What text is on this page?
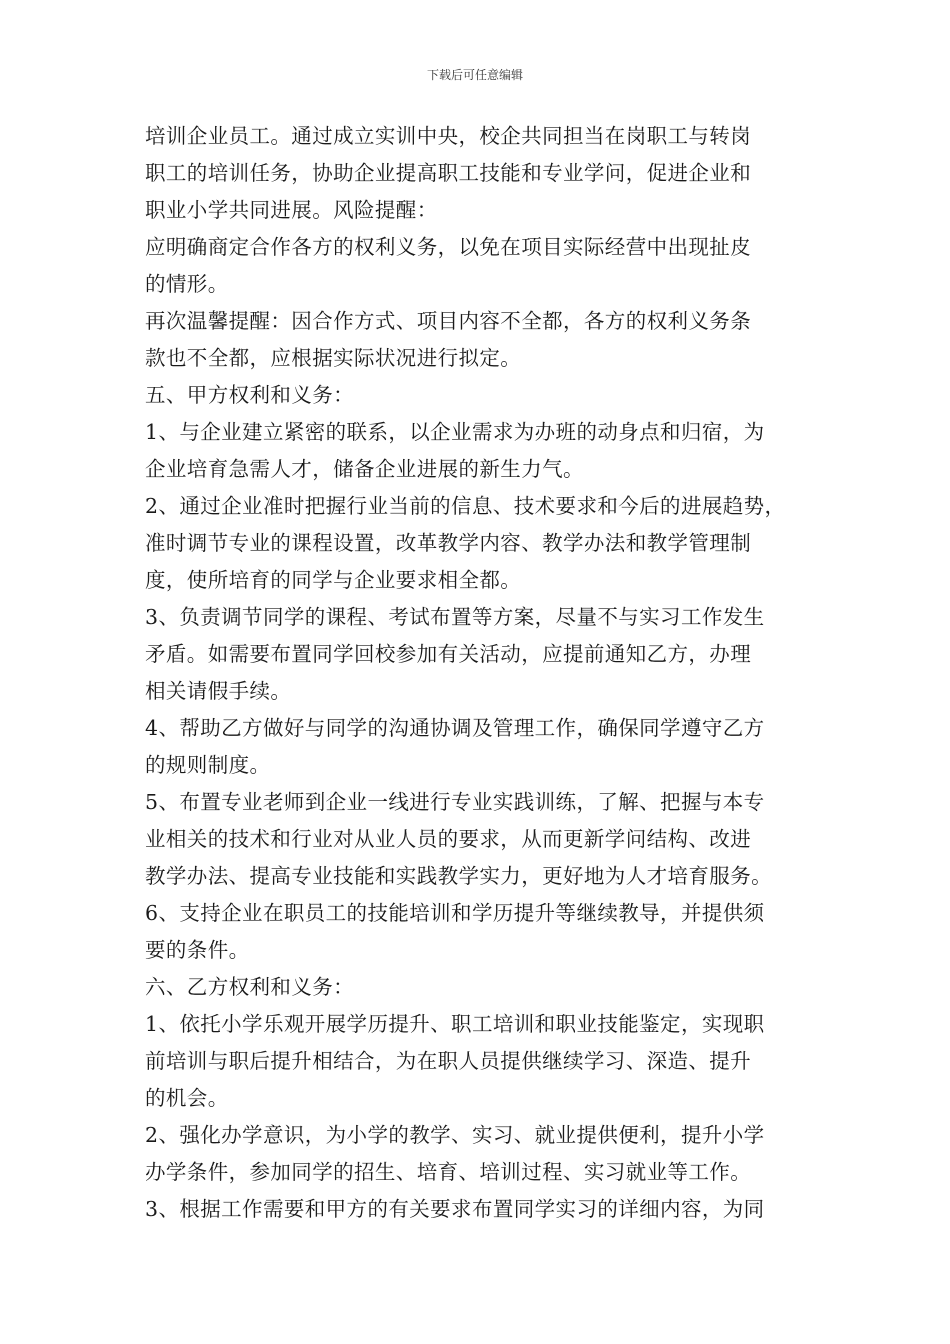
下载后可任意编辑
培训企业员工。通过成立实训中央，校企共同担当在岗职工与转岗
职工的培训任务，协助企业提高职工技能和专业学问，促进企业和
职业小学共同进展。风险提醒：
应明确商定合作各方的权利义务，以免在项目实际经营中出现扯皮
的情形。
再次温馨提醒：因合作方式、项目内容不全都，各方的权利义务条
款也不全都，应根据实际状况进行拟定。
五、甲方权利和义务：
1、与企业建立紧密的联系，以企业需求为办班的动身点和归宿，为
企业培育急需人才，储备企业进展的新生力气。
2、通过企业准时把握行业当前的信息、技术要求和今后的进展趋势，
准时调节专业的课程设置，改革教学内容、教学办法和教学管理制
度，使所培育的同学与企业要求相全都。
3、负责调节同学的课程、考试布置等方案，尽量不与实习工作发生
矛盾。如需要布置同学回校参加有关活动，应提前通知乙方，办理
相关请假手续。
4、帮助乙方做好与同学的沟通协调及管理工作，确保同学遵守乙方
的规则制度。
5、布置专业老师到企业一线进行专业实践训练，了解、把握与本专
业相关的技术和行业对从业人员的要求，从而更新学问结构、改进
教学办法、提高专业技能和实践教学实力，更好地为人才培育服务。
6、支持企业在职员工的技能培训和学历提升等继续教导，并提供须
要的条件。
六、乙方权利和义务：
1、依托小学乐观开展学历提升、职工培训和职业技能鉴定，实现职
前培训与职后提升相结合，为在职人员提供继续学习、深造、提升
的机会。
2、强化办学意识，为小学的教学、实习、就业提供便利，提升小学
办学条件，参加同学的招生、培育、培训过程、实习就业等工作。
3、根据工作需要和甲方的有关要求布置同学实习的详细内容，为同
